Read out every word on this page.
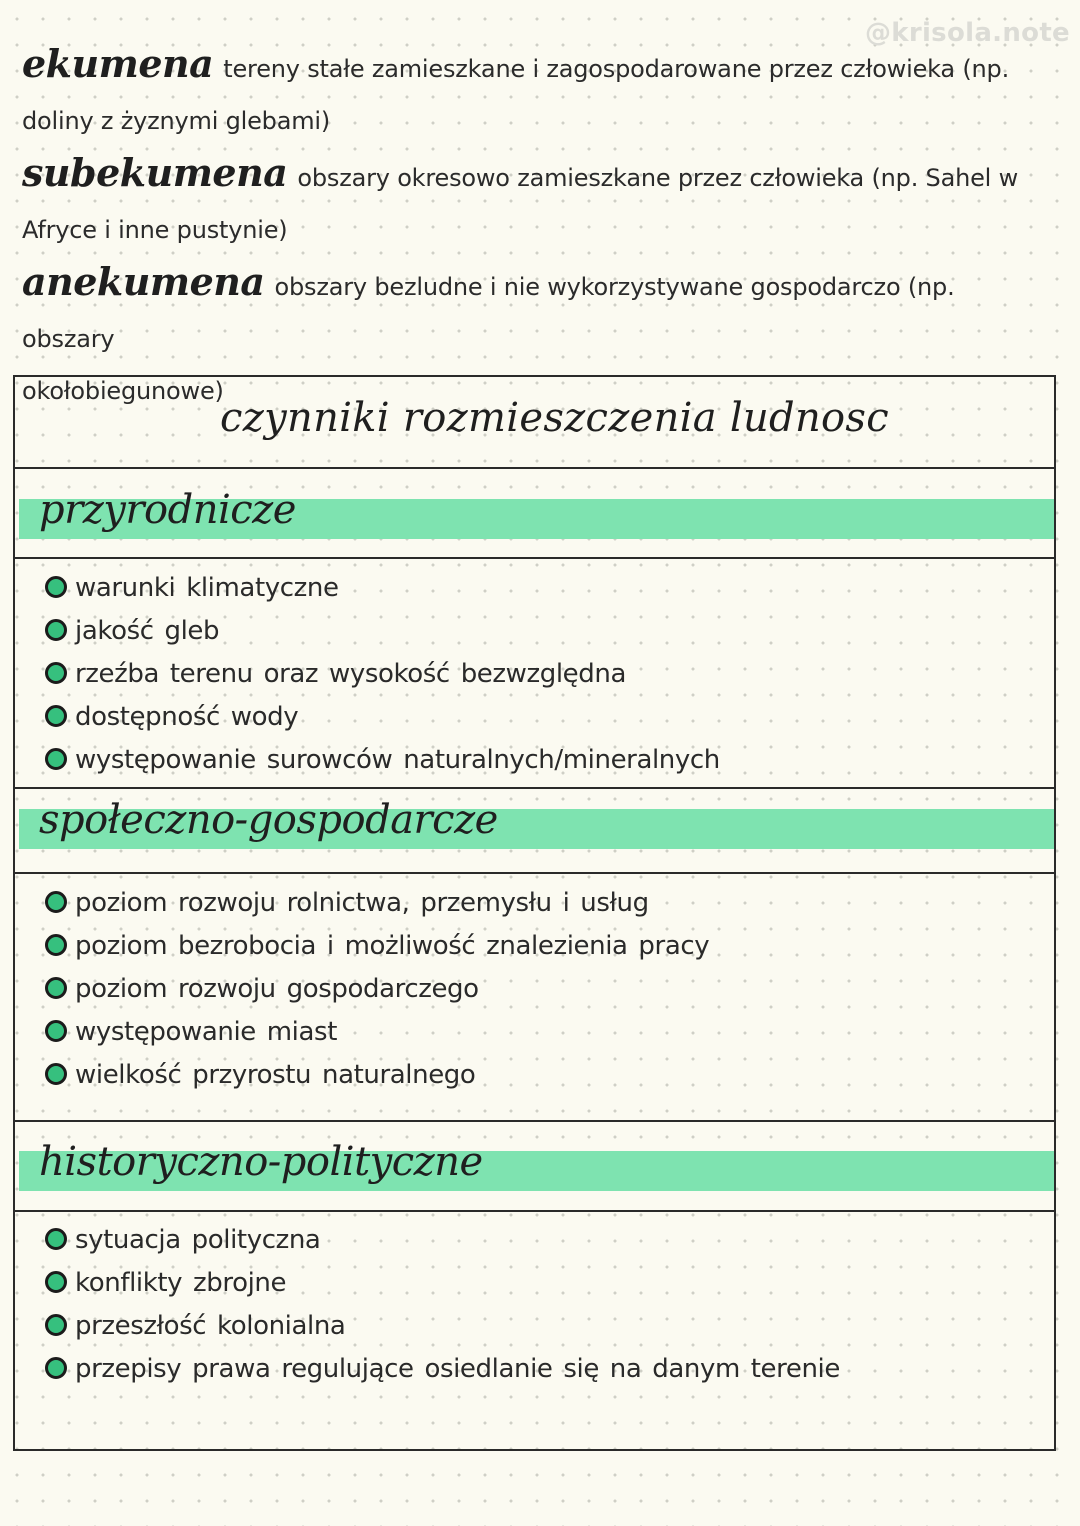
@krisola.note
ekumena tereny stałe zamieszkane i zagospodarowane przez człowieka (np.
doliny z żyznymi glebami)
subekumena obszary okresowo zamieszkane przez człowieka (np. Sahel w
Afryce i inne pustynie)
anekumena obszary bezludne i nie wykorzystywane gospodarczo (np. obszary
okołobiegunowe)
czynniki rozmieszczenia ludnosc
przyrodnicze
warunki klimatyczne
jakość gleb
rzeźba terenu oraz wysokość bezwzględna
dostępność wody
występowanie surowców naturalnych/mineralnych
społeczno-gospodarcze
poziom rozwoju rolnictwa, przemysłu i usług
poziom bezrobocia i możliwość znalezienia pracy
poziom rozwoju gospodarczego
występowanie miast
wielkość przyrostu naturalnego
historyczno-polityczne
sytuacja polityczna
konflikty zbrojne
przeszłość kolonialna
przepisy prawa regulujące osiedlanie się na danym terenie
